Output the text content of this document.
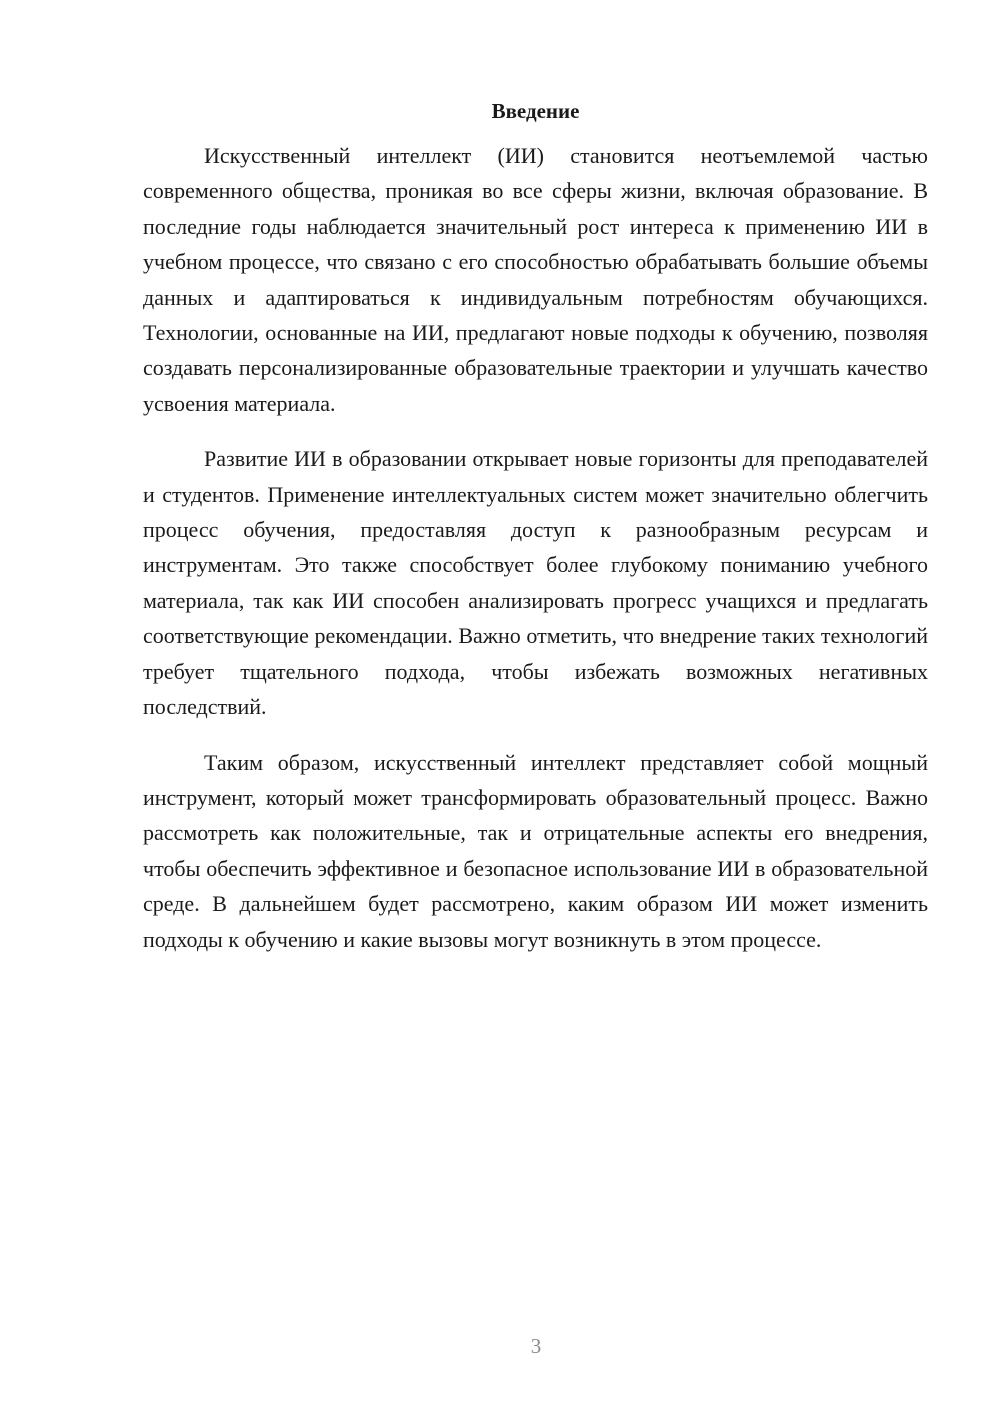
Введение

Искусственный интеллект (ИИ) становится неотъемлемой частью современного общества, проникая во все сферы жизни, включая образование. В последние годы наблюдается значительный рост интереса к применению ИИ в учебном процессе, что связано с его способностью обрабатывать большие объемы данных и адаптироваться к индивидуальным потребностям обучающихся. Технологии, основанные на ИИ, предлагают новые подходы к обучению, позволяя создавать персонализированные образовательные траектории и улучшать качество усвоения материала.

Развитие ИИ в образовании открывает новые горизонты для преподавателей и студентов. Применение интеллектуальных систем может значительно облегчить процесс обучения, предоставляя доступ к разнообразным ресурсам и инструментам. Это также способствует более глубокому пониманию учебного материала, так как ИИ способен анализировать прогресс учащихся и предлагать соответствующие рекомендации. Важно отметить, что внедрение таких технологий требует тщательного подхода, чтобы избежать возможных негативных последствий.

Таким образом, искусственный интеллект представляет собой мощный инструмент, который может трансформировать образовательный процесс. Важно рассмотреть как положительные, так и отрицательные аспекты его внедрения, чтобы обеспечить эффективное и безопасное использование ИИ в образовательной среде. В дальнейшем будет рассмотрено, каким образом ИИ может изменить подходы к обучению и какие вызовы могут возникнуть в этом процессе.

3
